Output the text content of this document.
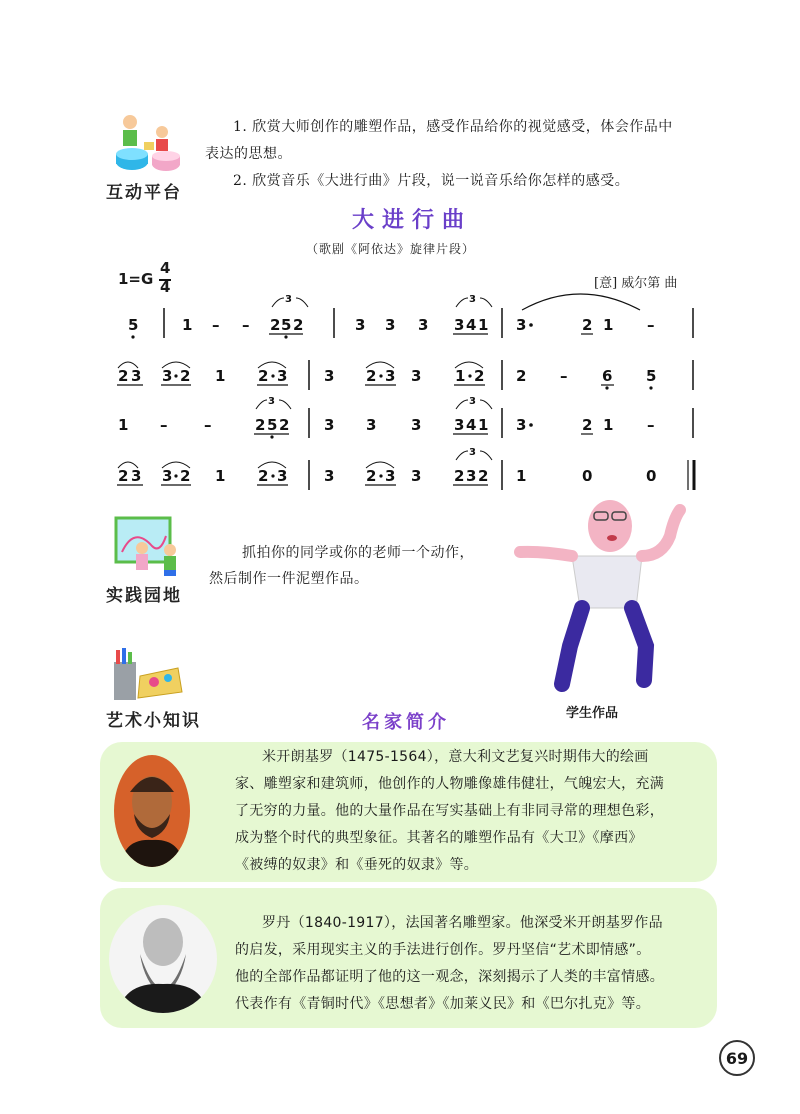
互动平台
1. 欣赏大师创作的雕塑作品，感受作品给你的视觉感受，体会作品中
表达的思想。
2. 欣赏音乐《大进行曲》片段，说一说音乐给你怎样的感受。
大进行曲
（歌剧《阿依达》旋律片段）
1=G
4
4	[意] 威尔第 曲
5	1 – –
3
2 5 2	3 3 3
3
3 4 1 3	2 1 –
2 3 3 2 1 2 3 3 2 3 3 1 2 2 – 6 5
1 – –
3
2 5 2 3 3 3
3
3 4 1 3	2 1 –
2 3 3 2 1 2 3 3 2 3 3
3
2 3 2 1	0	0
实践园地
抓拍你的同学或你的老师一个动作，
然后制作一件泥塑作品。
学生作品
艺术小知识	名家简介
米开朗基罗（1475-1564），意大利文艺复兴时期伟大的绘画
家、雕塑家和建筑师，他创作的人物雕像雄伟健壮，气魄宏大，充满
了无穷的力量。他的大量作品在写实基础上有非同寻常的理想色彩，
成为整个时代的典型象征。其著名的雕塑作品有《大卫》《摩西》
《被缚的奴隶》和《垂死的奴隶》等。
罗丹（1840-1917），法国著名雕塑家。他深受米开朗基罗作品
的启发，采用现实主义的手法进行创作。罗丹坚信“艺术即情感”。
他的全部作品都证明了他的这一观念，深刻揭示了人类的丰富情感。
代表作有《青铜时代》《思想者》《加莱义民》和《巴尔扎克》等。
69
